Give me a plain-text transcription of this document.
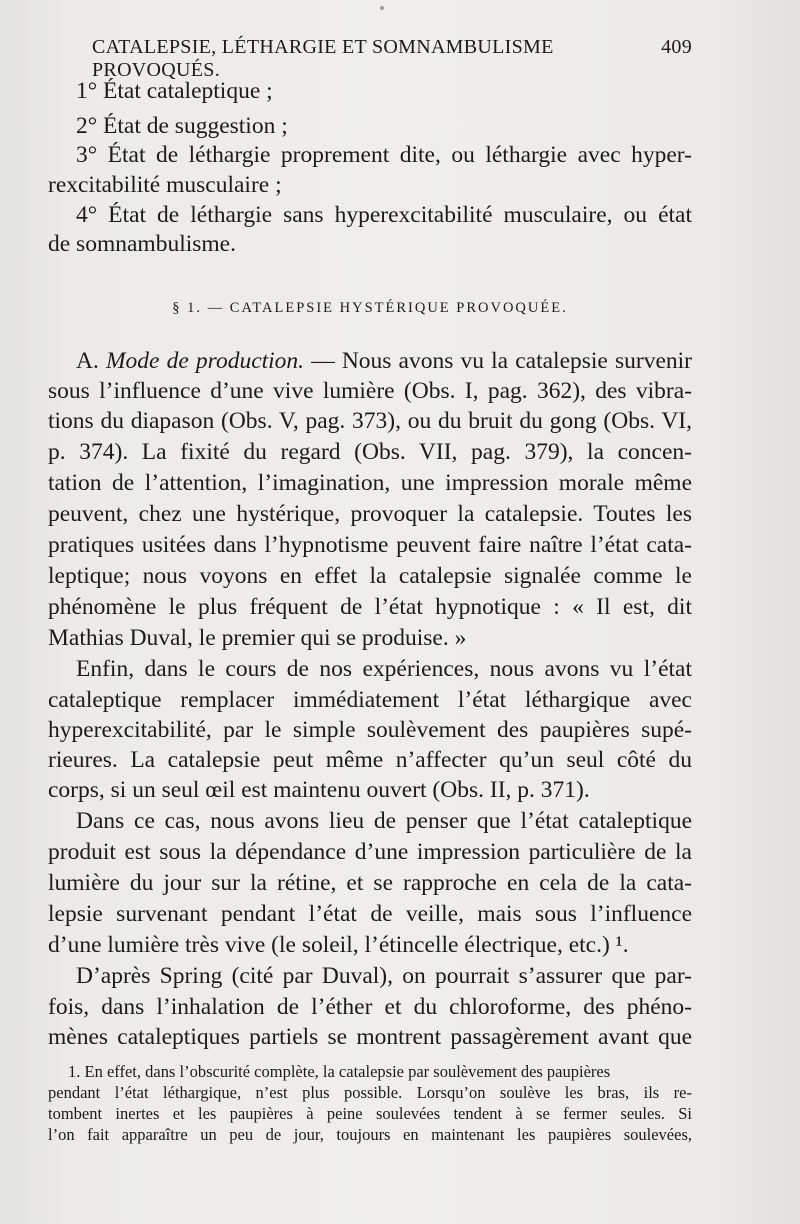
CATALEPSIE, LÉTHARGIE ET SOMNAMBULISME PROVOQUÉS.
409
1° État cataleptique ;
2° État de suggestion ;
3° État de léthargie proprement dite, ou léthargie avec hyper-
rexcitabilité musculaire ;
4° État de léthargie sans hyperexcitabilité musculaire, ou état
de somnambulisme.
§ 1. — CATALEPSIE HYSTÉRIQUE PROVOQUÉE.
A. Mode de production. — Nous avons vu la catalepsie survenir
sous l’influence d’une vive lumière (Obs. I, pag. 362), des vibra-
tions du diapason (Obs. V, pag. 373), ou du bruit du gong (Obs. VI,
p. 374). La fixité du regard (Obs. VII, pag. 379), la concen-
tation de l’attention, l’imagination, une impression morale même
peuvent, chez une hystérique, provoquer la catalepsie. Toutes les
pratiques usitées dans l’hypnotisme peuvent faire naître l’état cata-
leptique; nous voyons en effet la catalepsie signalée comme le
phénomène le plus fréquent de l’état hypnotique : « Il est, dit
Mathias Duval, le premier qui se produise. »
Enfin, dans le cours de nos expériences, nous avons vu l’état
cataleptique remplacer immédiatement l’état léthargique avec
hyperexcitabilité, par le simple soulèvement des paupières supé-
rieures. La catalepsie peut même n’affecter qu’un seul côté du
corps, si un seul œil est maintenu ouvert (Obs. II, p. 371).
Dans ce cas, nous avons lieu de penser que l’état cataleptique
produit est sous la dépendance d’une impression particulière de la
lumière du jour sur la rétine, et se rapproche en cela de la cata-
lepsie survenant pendant l’état de veille, mais sous l’influence
d’une lumière très vive (le soleil, l’étincelle électrique, etc.) ¹.
D’après Spring (cité par Duval), on pourrait s’assurer que par-
fois, dans l’inhalation de l’éther et du chloroforme, des phéno-
mènes cataleptiques partiels se montrent passagèrement avant que
1. En effet, dans l’obscurité complète, la catalepsie par soulèvement des paupières
pendant l’état léthargique, n’est plus possible. Lorsqu’on soulève les bras, ils re-
tombent inertes et les paupières à peine soulevées tendent à se fermer seules. Si
l’on fait apparaître un peu de jour, toujours en maintenant les paupières soulevées,
